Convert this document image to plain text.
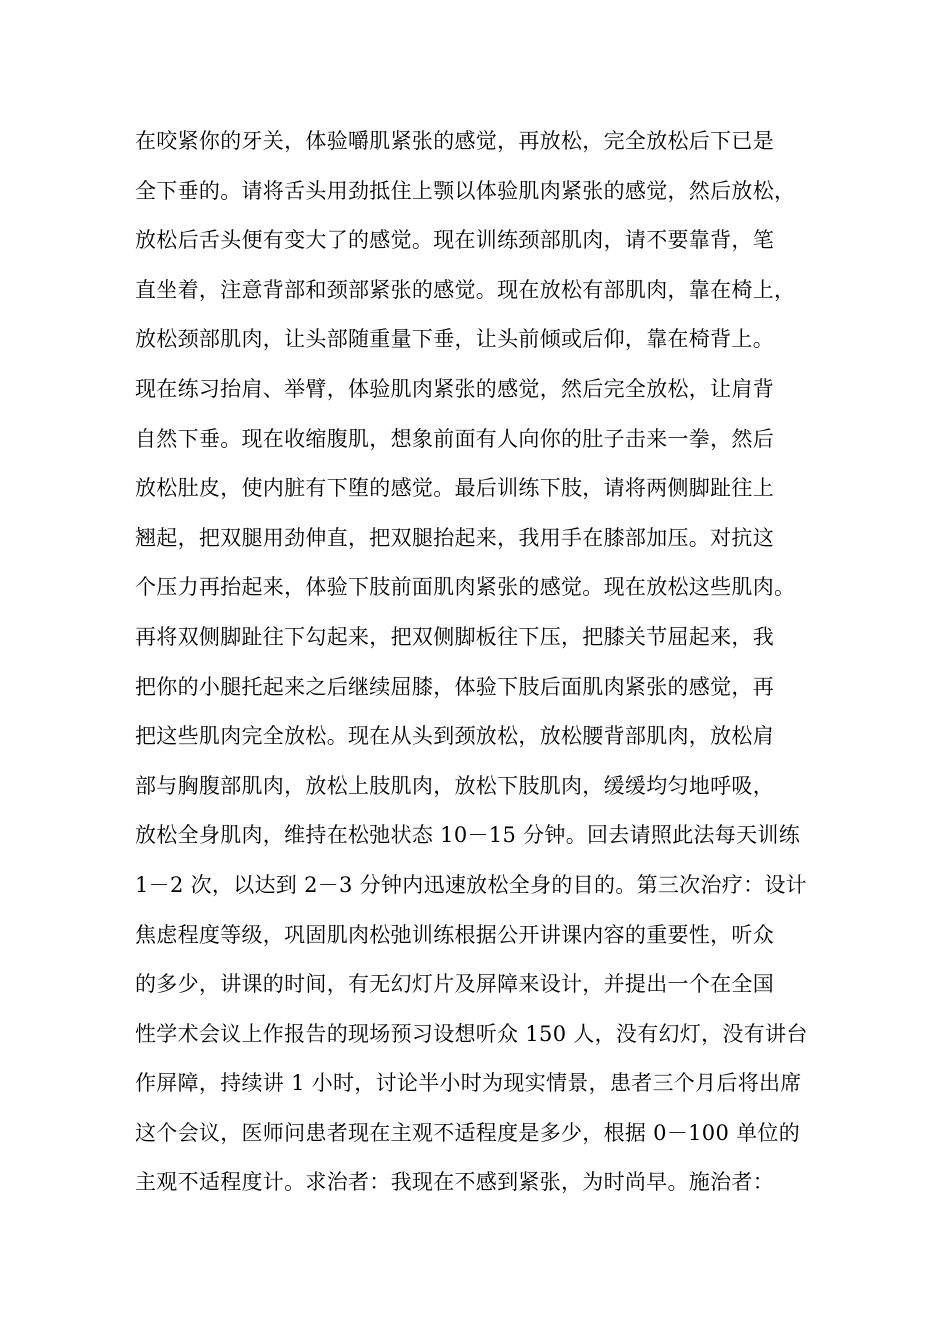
在咬紧你的牙关，体验嚼肌紧张的感觉，再放松，完全放松后下已是
全下垂的。请将舌头用劲抵住上颚以体验肌肉紧张的感觉，然后放松，
放松后舌头便有变大了的感觉。现在训练颈部肌肉，请不要靠背，笔
直坐着，注意背部和颈部紧张的感觉。现在放松有部肌肉，靠在椅上，
放松颈部肌肉，让头部随重量下垂，让头前倾或后仰，靠在椅背上。
现在练习抬肩、举臂，体验肌肉紧张的感觉，然后完全放松，让肩背
自然下垂。现在收缩腹肌，想象前面有人向你的肚子击来一拳，然后
放松肚皮，使内脏有下堕的感觉。最后训练下肢，请将两侧脚趾往上
翘起，把双腿用劲伸直，把双腿抬起来，我用手在膝部加压。对抗这
个压力再抬起来，体验下肢前面肌肉紧张的感觉。现在放松这些肌肉。
再将双侧脚趾往下勾起来，把双侧脚板往下压，把膝关节屈起来，我
把你的小腿托起来之后继续屈膝，体验下肢后面肌肉紧张的感觉，再
把这些肌肉完全放松。现在从头到颈放松，放松腰背部肌肉，放松肩
部与胸腹部肌肉，放松上肢肌肉，放松下肢肌肉，缓缓均匀地呼吸，
放松全身肌肉，维持在松弛状态 10－15 分钟。回去请照此法每天训练
1－2 次，以达到 2－3 分钟内迅速放松全身的目的。第三次治疗：设计
焦虑程度等级，巩固肌肉松弛训练根据公开讲课内容的重要性，听众
的多少，讲课的时间，有无幻灯片及屏障来设计，并提出一个在全国
性学术会议上作报告的现场预习设想听众 150 人，没有幻灯，没有讲台
作屏障，持续讲 1 小时，讨论半小时为现实情景，患者三个月后将出席
这个会议，医师问患者现在主观不适程度是多少，根据 0－100 单位的
主观不适程度计。求治者：我现在不感到紧张，为时尚早。施治者：
